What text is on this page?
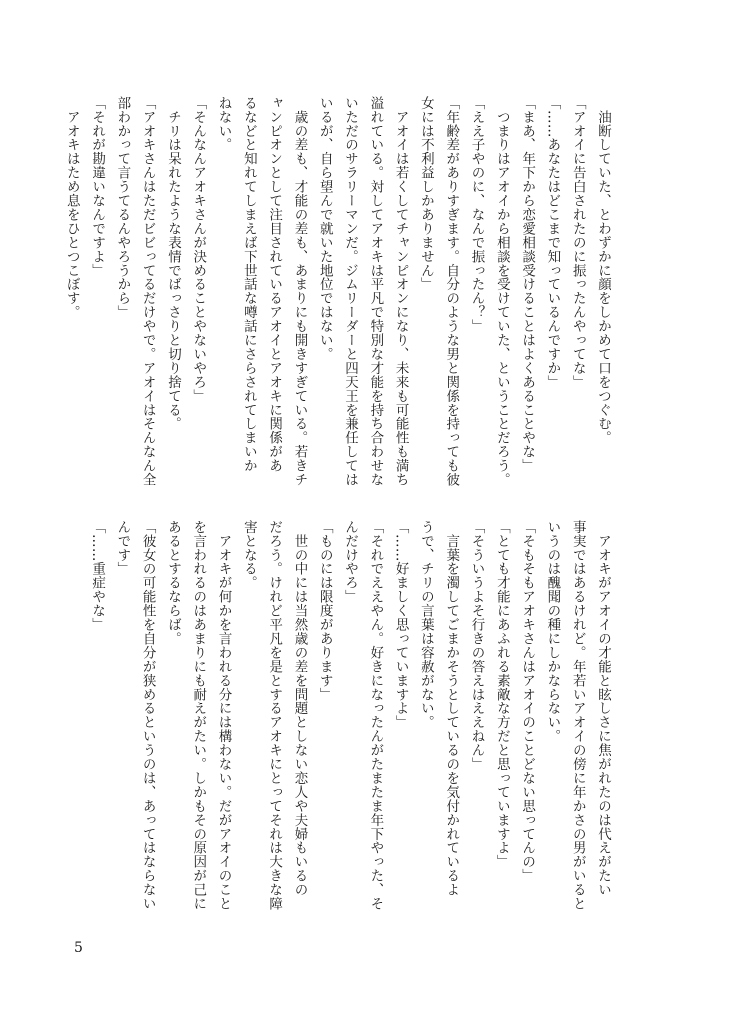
　油断していた、とわずかに顔をしかめて口をつぐむ。

「アオイに告白されたのに振ったんやってな」

「……あなたはどこまで知っているんですか」

「まあ、年下から恋愛相談受けることはよくあることやな」

　つまりはアオイから相談を受けていた、ということだろう。

「ええ子やのに、なんで振ったん？」

「年齢差がありすぎます。自分のような男と関係を持っても彼

女には不利益しかありません」

　アオイは若くしてチャンピオンになり、未来も可能性も満ち

溢れている。対してアオキは平凡で特別な才能を持ち合わせな

いただのサラリーマンだ。ジムリーダーと四天王を兼任しては

いるが、自ら望んで就いた地位ではない。

　歳の差も、才能の差も、あまりにも開きすぎている。若きチ

ャンピオンとして注目されているアオイとアオキに関係があ

るなどと知れてしまえば下世話な噂話にさらされてしまいか

ねない。

「そんなんアオキさんが決めることやないやろ」

　チリは呆れたような表情でばっさりと切り捨てる。

「アオキさんはただビビってるだけやで。アオイはそんなん全

部わかって言うてるんやろうから」

「それが勘違いなんですよ」

　アオキはため息をひとつこぼす。

　アオキがアオイの才能と眩しさに焦がれたのは代えがたい

事実ではあるけれど。年若いアオイの傍に年かさの男がいると

いうのは醜聞の種にしかならない。

「そもそもアオキさんはアオイのことどない思ってんの」

「とても才能にあふれる素敵な方だと思っていますよ」

「そういうよそ行きの答えはええねん」

　言葉を濁してごまかそうとしているのを気付かれているよ

うで、チリの言葉は容赦がない。

「……好ましく思っていますよ」

「それでええやん。好きになったんがたまたま年下やった、そ

んだけやろ」

「ものには限度があります」

　世の中には当然歳の差を問題としない恋人や夫婦もいるの

だろう。けれど平凡を是とするアオキにとってそれは大きな障

害となる。

　アオキが何かを言われる分には構わない。だがアオイのこと

を言われるのはあまりにも耐えがたい。しかもその原因が己に

あるとするならば。

「彼女の可能性を自分が狭めるというのは、あってはならない

んです」

「……重症やな」

5
